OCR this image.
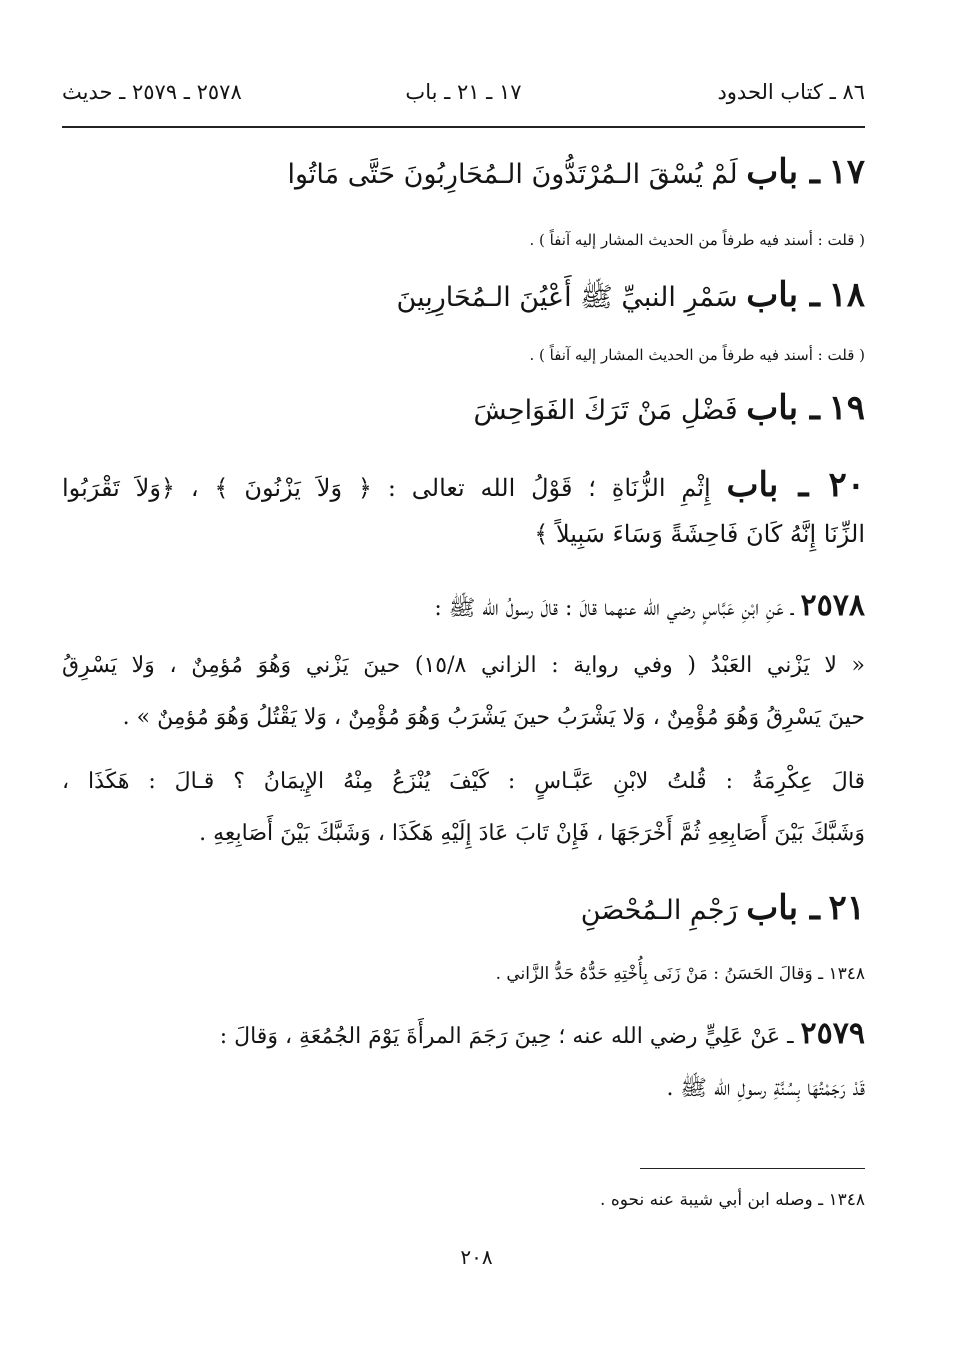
٨٦ ـ كتاب الحدود
١٧ ـ ٢١ ـ باب
٢٥٧٨ ـ ٢٥٧٩ ـ حديث
١٧ ـ باب لَمْ يُسْقَ الـمُرْتَدُّونَ الـمُحَارِبُونَ حَتَّى مَاتُوا
( قلت : أسند فيه طرفاً من الحديث المشار إليه آنفاً ) .
١٨ ـ باب سَمْرِ النبيِّ ﷺ أَعْيُنَ الـمُحَارِبِينَ
( قلت : أسند فيه طرفاً من الحديث المشار إليه آنفاً ) .
١٩ ـ باب فَضْلِ مَنْ تَرَكَ الفَوَاحِشَ
٢٠ ـ باب إِثْمِ الزُّنَاةِ ؛ قَوْلُ الله تعالى : ﴿ وَلاَ يَزْنُونَ ﴾ ، ﴿وَلاَ تَقْرَبُوا
الزِّنَا إِنَّهُ كَانَ فَاحِشَةً وَسَاءَ سَبِيلاً ﴾
٢٥٧٨ ـ عَنِ ابْنِ عَبَّاسٍ رضي الله عنهما قالَ : قالَ رسولُ الله ﷺ :
« لا يَزْني العَبْدُ ( وفي رواية : الزاني ١٥/٨) حينَ يَزْني وَهُوَ مُؤمِنٌ ، وَلا يَسْرِقُ
حينَ يَسْرِقُ وَهُوَ مُؤْمِنٌ ، وَلا يَشْرَبُ حينَ يَشْرَبُ وَهُوَ مُؤْمِنٌ ، وَلا يَقْتُلُ وَهُوَ مُؤمِنٌ » .
قالَ عِكْرِمَةُ : قُلتُ لابْنِ عَبَّـاسٍ : كَيْفَ يُنْزَعُ مِنْهُ الإِيمَانُ ؟ قـالَ : هَكَذَا ،
وَشَبَّكَ بَيْنَ أَصَابِعِهِ ثُمَّ أَخْرَجَهَا ، فَإِنْ تَابَ عَادَ إِلَيْهِ هَكَذَا ، وَشَبَّكَ بَيْنَ أَصَابِعِهِ .
٢١ ـ باب رَجْمِ الـمُحْصَنِ
١٣٤٨ ـ وَقالَ الحَسَنُ : مَنْ زَنَى بِأُخْتِهِ حَدُّهُ حَدُّ الزَّاني .
٢٥٧٩ ـ عَنْ عَلِيٍّ رضي الله عنه ؛ حِينَ رَجَمَ المرأَةَ يَوْمَ الجُمُعَةِ ، وَقالَ :
قَدْ رَجَمْتُهَا بِسُنَّةِ رسولِ الله ﷺ .
١٣٤٨ ـ وصله ابن أبي شيبة عنه نحوه .
٢٠٨
